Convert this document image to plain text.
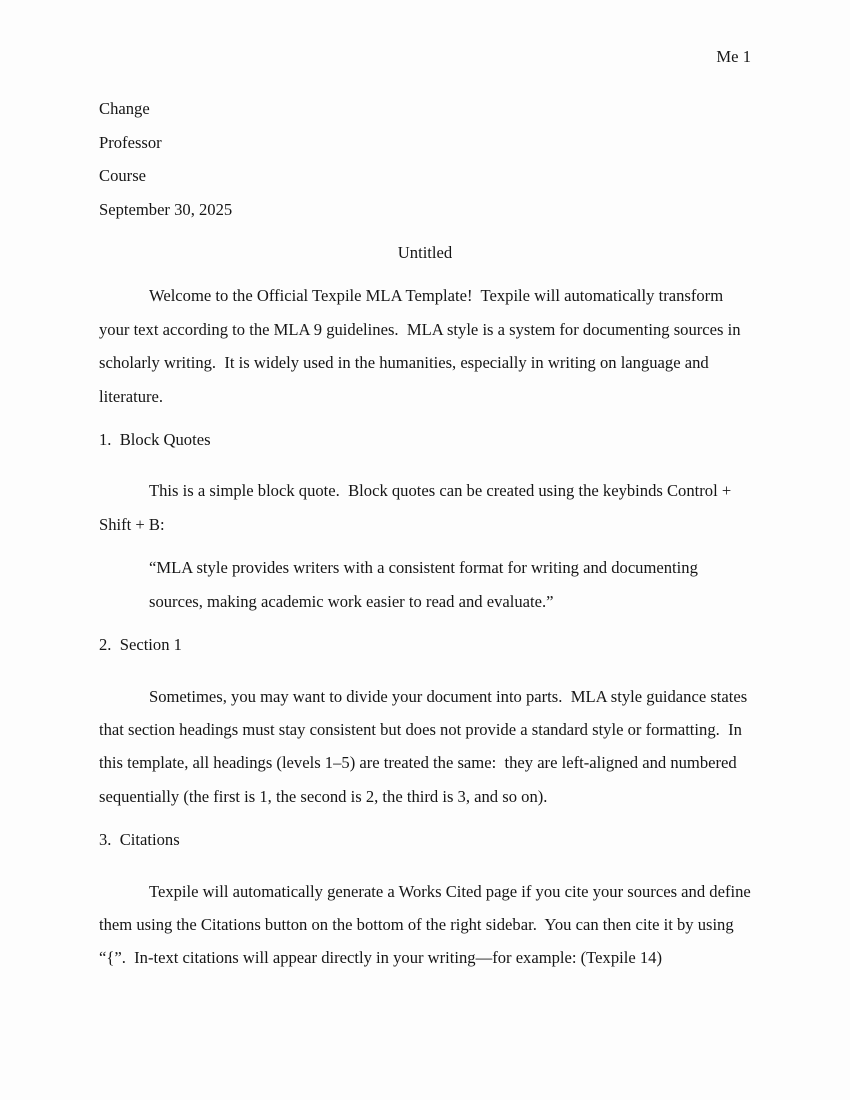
Me 1
Change
Professor
Course
September 30, 2025
Untitled

Welcome to the Official Texpile MLA Template!  Texpile will automatically transform your text according to the MLA 9 guidelines.  MLA style is a system for documenting sources in scholarly writing.  It is widely used in the humanities, especially in writing on language and literature.

1.  Block Quotes

This is a simple block quote.  Block quotes can be created using the keybinds Control + Shift + B:

“MLA style provides writers with a consistent format for writing and documenting sources, making academic work easier to read and evaluate.”
2.  Section 1

Sometimes, you may want to divide your document into parts.  MLA style guidance states that section headings must stay consistent but does not provide a standard style or formatting.  In this template, all headings (levels 1–5) are treated the same:  they are left-aligned and numbered sequentially (the first is 1, the second is 2, the third is 3, and so on).

3.  Citations

Texpile will automatically generate a Works Cited page if you cite your sources and define them using the Citations button on the bottom of the right sidebar.  You can then cite it by using “{”.  In-text citations will appear directly in your writing—for example: (Texpile 14)
